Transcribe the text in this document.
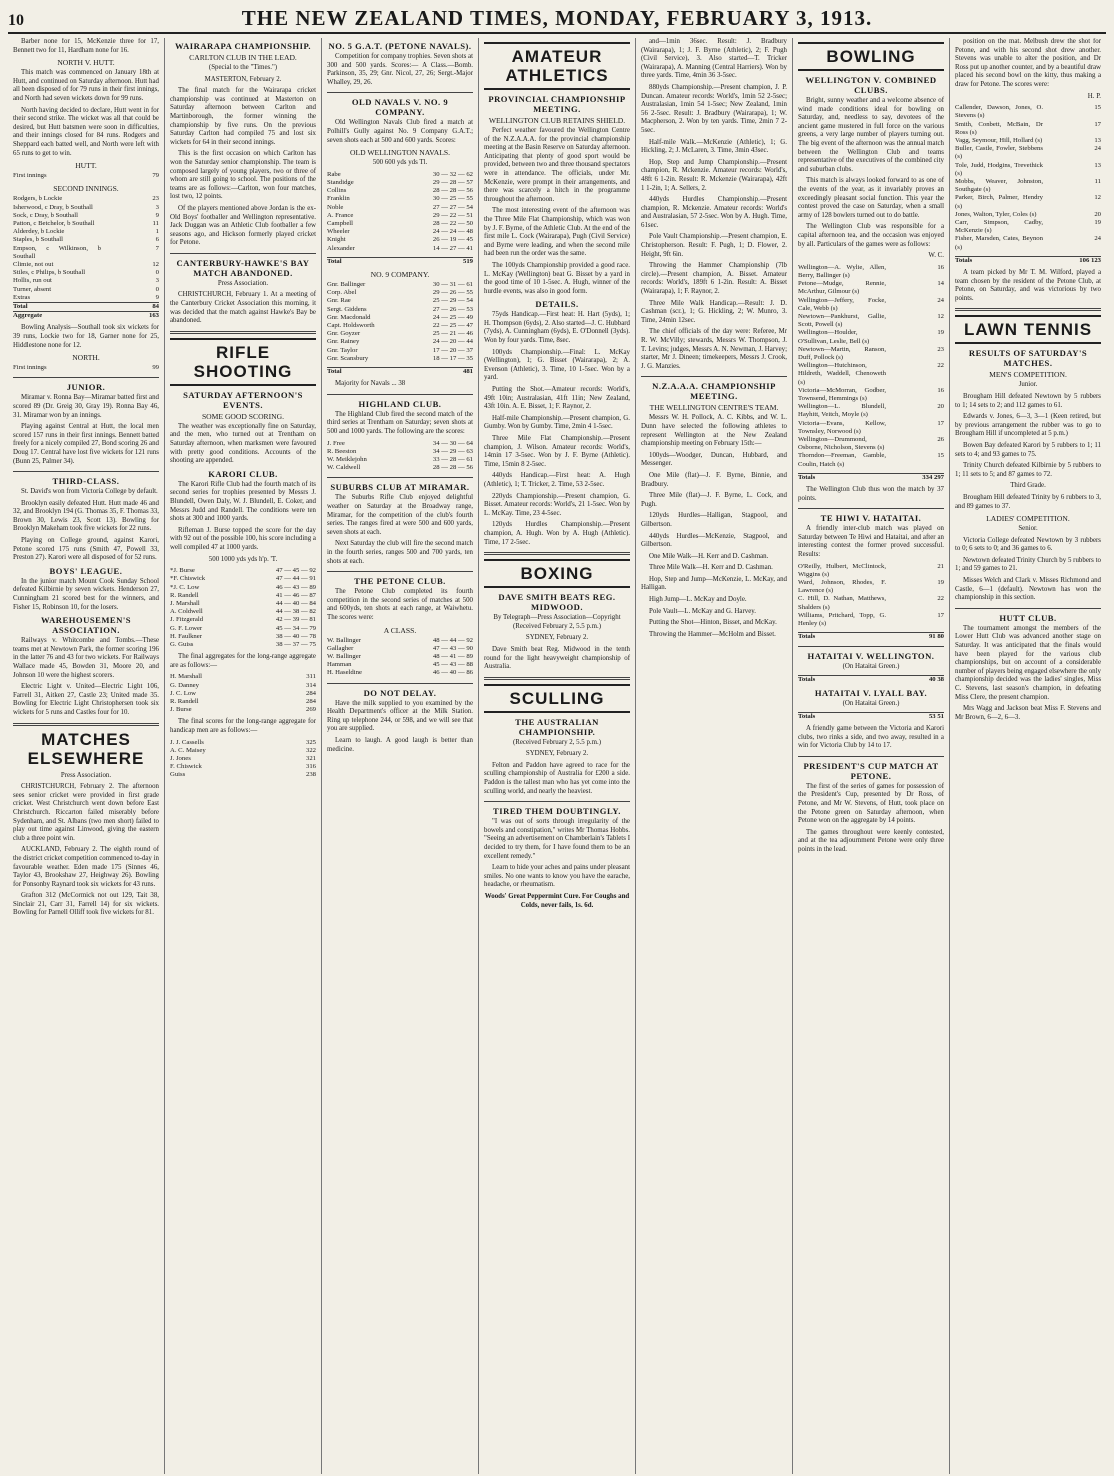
10	THE NEW ZEALAND TIMES, MONDAY, FEBRUARY 3, 1913.

Barber none for 15, McKenzie three for 17, Bennett two for 11, Hardham none for 16.

NORTH V. HUTT.

This match was commenced on January 18th at Hutt, and continued on Saturday afternoon. Hutt had all been disposed of for 79 runs in their first innings, and North had seven wickets down for 99 runs.

North having decided to declare, Hutt went in for their second strike. The wicket was all that could be desired, but Hutt batsmen were soon in difficulties, and their innings closed for 84 runs. Rodgers and Sheppard each batted well, and North were left with 65 runs to get to win.

HUTT.
First innings	79
SECOND INNINGS.
Rodgers, b Lockie	23
Isherwood, c Dray, b Southall	3
Sock, c Dray, b Southall	9
Patton, c Betchelor, b Southall	11
Alderdey, b Lockie	1
Staples, b Southall	6
Empson, c Wilkinson, b Southall	7
Climie, not out	12
Stiles, c Philips, b Southall	0
Hollis, run out	3
Turner, absent	0
Extras	9
Total	84
Aggregate	163

Bowling Analysis—Southall took six wickets for 39 runs, Lockie two for 18, Garner none for 25, Hiddlestone none for 12.

NORTH.
First innings	99
JUNIOR.

Miramar v. Ronna Bay—Miramar batted first and scored 89 (Dr. Greig 30, Gray 19). Ronna Bay 46, 31. Miramar won by an innings.

Playing against Central at Hutt, the local men scored 157 runs in their first innings. Bennett batted freely for a nicely compiled 27, Bond scoring 26 and Doug 17. Central have lost five wickets for 121 runs (Bunn 25, Palmer 34).

THIRD-CLASS.

St. David's won from Victoria College by default.

Brooklyn easily defeated Hutt. Hutt made 46 and 32, and Brooklyn 194 (G. Thomas 35, F. Thomas 33, Brown 30, Lewis 23, Scott 13). Bowling for Brooklyn Makeham took five wickets for 22 runs.

Playing on College ground, against Karori, Petone scored 175 runs (Smith 47, Powell 33, Preston 27). Karori were all disposed of for 52 runs.

BOYS' LEAGUE.

In the junior match Mount Cook Sunday School defeated Kilbirnie by seven wickets. Henderson 27, Cunningham 21 scored best for the winners, and Fisher 15, Robinson 10, for the losers.

WAREHOUSEMEN'S ASSOCIATION.

Railways v. Whitcombe and Tombs.—These teams met at Newtown Park, the former scoring 196 in the latter 76 and 43 for two wickets. For Railways Wallace made 45, Bowden 31, Moore 20, and Johnson 10 were the highest scorers.

Electric Light v. United—Electric Light 106, Farrell 31, Aitken 27, Castle 23; United made 35. Bowling for Electric Light Christophersen took six wickets for 5 runs and Castles four for 10.

MATCHES ELSEWHERE

Press Association.

CHRISTCHURCH, February 2. The afternoon sees senior cricket were provided in first grade cricket. West Christchurch went down before East Christchurch. Riccarton failed miserably before Sydenham, and St. Albans (two men short) failed to play out time against Linwood, giving the eastern club a three point win.

AUCKLAND, February 2. The eighth round of the district cricket competition commenced to-day in favourable weather. Eden made 175 (Sinnes 46, Taylor 43, Brookshaw 27, Heighway 26). Bowling for Ponsonby Raynard took six wickets for 43 runs.

Grafton 312 (McCormick not out 129, Tait 38, Sinclair 21, Carr 31, Farrell 14) for six wickets. Bowling for Parnell Olliff took five wickets for 81.

WAIRARAPA CHAMPIONSHIP.
CARLTON CLUB IN THE LEAD.

(Special to the "Times.")

MASTERTON, February 2.

The final match for the Wairarapa cricket championship was continued at Masterton on Saturday afternoon between Carlton and Martinborough, the former winning the championship by five runs. On the previous Saturday Carlton had compiled 75 and lost six wickets for 64 in their second innings.

This is the first occasion on which Carlton has won the Saturday senior championship. The team is composed largely of young players, two or three of whom are still going to school. The positions of the teams are as follows:—Carlton, won four matches, lost two, 12 points.

Of the players mentioned above Jordan is the ex-Old Boys' footballer and Wellington representative. Jack Duggan was an Athletic Club footballer a few seasons ago, and Hickson formerly played cricket for Petone.

CANTERBURY-HAWKE'S BAY MATCH ABANDONED.

Press Association.

CHRISTCHURCH, February 1. At a meeting of the Canterbury Cricket Association this morning, it was decided that the match against Hawke's Bay be abandoned.

RIFLE SHOOTING
SATURDAY AFTERNOON'S EVENTS.
SOME GOOD SCORING.

The weather was exceptionally fine on Saturday, and the men, who turned out at Trentham on Saturday afternoon, when marksmen were favoured with pretty good conditions. Accounts of the shooting are appended.

KARORI CLUB.

The Karori Rifle Club had the fourth match of its second series for trophies presented by Messrs J. Blundell, Owen Daly, W. J. Blundell, E. Coker, and Messrs Judd and Randell. The conditions were ten shots at 300 and 1000 yards.

Rifleman J. Burse topped the score for the day with 92 out of the possible 100, his score including a well compiled 47 at 1000 yards.

500 1000 yds yds h'p. 'T.

*J. Burse	47 — 45 — 92
*F. Chiswick	47 — 44 — 91
*J. C. Low	46 — 43 — 89
R. Randell	41 — 46 — 87
J. Marshall	44 — 40 — 84
A. Coldwell	44 — 38 — 82
J. Fitzgerald	42 — 39 — 81
G. F. Lower	45 — 34 — 79
H. Faulkner	38 — 40 — 78
G. Guiss	38 — 37 — 75

The final aggregates for the long-range aggregate are as follows:—

H. Marshall	311
G. Danney	314
J. C. Low	284
R. Randell	284
J. Burse	269

The final scores for the long-range aggregate for handicap men are as follows:—

J. J. Cassells	325
A. C. Maisey	322
J. Jones	321
F. Chiswick	316
Guiss	238
NO. 5 G.A.T. (PETONE NAVALS).

Competition for company trophies. Seven shots at 300 and 500 yards. Scores:— A Class.—Bomb. Parkinson, 35, 29; Gnr. Nicol, 27, 26; Sergt.-Major Whalley, 29, 26.

OLD NAVALS V. NO. 9 COMPANY.

Old Wellington Navals Club fired a match at Polhill's Gully against No. 9 Company G.A.T.; seven shots each at 500 and 600 yards. Scores:

OLD WELLINGTON NAVALS.

500 600 yds yds Tl.

Rabe	30 — 32 — 62
Standidge	29 — 28 — 57
Collins	28 — 28 — 56
Franklin	30 — 25 — 55
Noble	27 — 27 — 54
A. France	29 — 22 — 51
Campbell	28 — 22 — 50
Wheeler	24 — 24 — 48
Knight	26 — 19 — 45
Alexander	14 — 27 — 41
Total	519
NO. 9 COMPANY.
Gnr. Ballinger	30 — 31 — 61
Corp. Abel	29 — 26 — 55
Gnr. Rae	25 — 29 — 54
Sergt. Giddens	27 — 26 — 53
Gnr. Macdonald	24 — 25 — 49
Capt. Holdsworth	22 — 25 — 47
Gnr. Goyzer	25 — 21 — 46
Gnr. Rainey	24 — 20 — 44
Gnr. Taylor	17 — 20 — 37
Gnr. Scansbury	18 — 17 — 35
Total	481

Majority for Navals ... 38

HIGHLAND CLUB.

The Highland Club fired the second match of the third series at Trentham on Saturday; seven shots at 500 and 1000 yards. The following are the scores:

J. Free	34 — 30 — 64
R. Beeston	34 — 29 — 63
W. Meiklejohn	33 — 28 — 61
W. Caldwell	28 — 28 — 56
SUBURBS CLUB AT MIRAMAR.

The Suburbs Rifle Club enjoyed delightful weather on Saturday at the Broadway range, Miramar, for the competition of the club's fourth series. The ranges fired at were 500 and 600 yards, seven shots at each.

Next Saturday the club will fire the second match in the fourth series, ranges 500 and 700 yards, ten shots at each.

THE PETONE CLUB.

The Petone Club completed its fourth competition in the second series of matches at 500 and 600yds, ten shots at each range, at Waiwhetu. The scores were:

A CLASS.
W. Ballinger	48 — 44 — 92
Gallagher	47 — 43 — 90
W. Ballinger	48 — 41 — 89
Hamman	45 — 43 — 88
H. Haseldine	46 — 40 — 86
DO NOT DELAY.

Have the milk supplied to you examined by the Health Department's officer at the Milk Station. Ring up telephone 244, or 598, and we will see that you are supplied.

Learn to laugh. A good laugh is better than medicine.

AMATEUR ATHLETICS
PROVINCIAL CHAMPIONSHIP MEETING.
WELLINGTON CLUB RETAINS SHIELD.

Perfect weather favoured the Wellington Centre of the N.Z.A.A.A. for the provincial championship meeting at the Basin Reserve on Saturday afternoon. Anticipating that plenty of good sport would be provided, between two and three thousand spectators were in attendance. The officials, under Mr. McKenzie, were prompt in their arrangements, and there was scarcely a hitch in the programme throughout the afternoon.

The most interesting event of the afternoon was the Three Mile Flat Championship, which was won by J. F. Byrne, of the Athletic Club. At the end of the first mile L. Cock (Wairarapa), Pugh (Civil Service) and Byrne were leading, and when the second mile had been run the order was the same.

The 100yds Championship provided a good race. L. McKay (Wellington) beat G. Bisset by a yard in the good time of 10 1-5sec. A. Hugh, winner of the hurdle events, was also in good form.

DETAILS.

75yds Handicap.—First heat: H. Hart (5yds), 1; H. Thompson (6yds), 2. Also started—J. C. Hubbard (7yds), A. Cunningham (6yds), E. O'Donnell (3yds). Won by four yards. Time, 8sec.

100yds Championship.—Final: L. McKay (Wellington), 1; G. Bisset (Wairarapa), 2; A. Evenson (Athletic), 3. Time, 10 1-5sec. Won by a yard.

Putting the Shot.—Amateur records: World's, 49ft 10in; Australasian, 41ft 11in; New Zealand, 43ft 10in. A. E. Bisset, 1; F. Raynor, 2.

Half-mile Championship.—Present champion, G. Gumby. Won by Gumby. Time, 2min 4 1-5sec.

Three Mile Flat Championship.—Present champion, J. Wilson. Amateur records: World's, 14min 17 3-5sec. Won by J. F. Byrne (Athletic). Time, 15min 8 2-5sec.

440yds Handicap.—First heat: A. Hugh (Athletic), 1; T. Tricker, 2. Time, 53 2-5sec.

220yds Championship.—Present champion, G. Bisset. Amateur records: World's, 21 1-5sec. Won by L. McKay. Time, 23 4-5sec.

120yds Hurdles Championship.—Present champion, A. Hugh. Won by A. Hugh (Athletic). Time, 17 2-5sec.

BOXING
DAVE SMITH BEATS REG. MIDWOOD.

By Telegraph—Press Association—Copyright (Received February 2, 5.5 p.m.)

SYDNEY, February 2.

Dave Smith beat Reg. Midwood in the tenth round for the light heavyweight championship of Australia.

SCULLING
THE AUSTRALIAN CHAMPIONSHIP.

(Received February 2, 5.5 p.m.)

SYDNEY, February 2.

Felton and Paddon have agreed to race for the sculling championship of Australia for £200 a side. Paddon is the tallest man who has yet come into the sculling world, and nearly the heaviest.

TIRED THEM DOUBTINGLY.

"I was out of sorts through irregularity of the bowels and constipation," writes Mr Thomas Hobbs. "Seeing an advertisement on Chamberlain's Tablets I decided to try them, for I have found them to be an excellent remedy."

Learn to hide your aches and pains under pleasant smiles. No one wants to know you have the earache, headache, or rheumatism.

Woods' Great Peppermint Cure. For Coughs and Colds, never fails, 1s. 6d.

and—1min 36sec. Result: J. Bradbury (Wairarapa), 1; J. F. Byrne (Athletic), 2; F. Pugh (Civil Service), 3. Also started—T. Tricker (Wairarapa), A. Manning (Central Harriers). Won by three yards. Time, 4min 36 3-5sec.

880yds Championship.—Present champion, J. P. Duncan. Amateur records: World's, 1min 52 2-5sec; Australasian, 1min 54 1-5sec; New Zealand, 1min 56 2-5sec. Result: J. Bradbury (Wairarapa), 1; W. Macpherson, 2. Won by ten yards. Time, 2min 7 2-5sec.

Half-mile Walk.—McKenzie (Athletic), 1; G. Hickling, 2; J. McLaren, 3. Time, 3min 43sec.

Hop, Step and Jump Championship.—Present champion, R. Mckenzie. Amateur records: World's, 48ft 6 1-2in. Result: R. Mckenzie (Wairarapa), 42ft 1 1-2in, 1; A. Sellers, 2.

440yds Hurdles Championship.—Present champion, R. Mckenzie. Amateur records: World's and Australasian, 57 2-5sec. Won by A. Hugh. Time, 61sec.

Pole Vault Championship.—Present champion, E. Christopherson. Result: F. Pugh, 1; D. Flower, 2. Height, 9ft 6in.

Throwing the Hammer Championship (7lb circle).—Present champion, A. Bisset. Amateur records: World's, 189ft 6 1-2in. Result: A. Bisset (Wairarapa), 1; F. Raynor, 2.

Three Mile Walk Handicap.—Result: J. D. Cashman (scr.), 1; G. Hickling, 2; W. Munro, 3. Time, 24min 12sec.

The chief officials of the day were: Referee, Mr R. W. McVilly; stewards, Messrs W. Thompson, J. T. Levins; judges, Messrs A. N. Newman, J. Harvey; starter, Mr J. Dineen; timekeepers, Messrs J. Crook, J. G. Manzies.

N.Z.A.A.A. CHAMPIONSHIP MEETING.
THE WELLINGTON CENTRE'S TEAM.

Messrs W. H. Pollock, A. C. Kibbs, and W. L. Dunn have selected the following athletes to represent Wellington at the New Zealand championship meeting on February 15th:—

100yds—Woodger, Duncan, Hubbard, and Messenger.

One Mile (flat)—J. F. Byrne, Binnie, and Bradbury.

Three Mile (flat)—J. F. Byrne, L. Cock, and Pugh.

120yds Hurdles—Halligan, Stagpool, and Gilbertson.

440yds Hurdles—McKenzie, Stagpool, and Gilbertson.

One Mile Walk—H. Kerr and D. Cashman.

Three Mile Walk—H. Kerr and D. Cashman.

Hop, Step and Jump—McKenzie, L. McKay, and Halligan.

High Jump—L. McKay and Doyle.

Pole Vault—L. McKay and G. Harvey.

Putting the Shot—Hinton, Bisset, and McKay.

Throwing the Hammer—McHolm and Bisset.

BOWLING
WELLINGTON V. COMBINED CLUBS.

Bright, sunny weather and a welcome absence of wind made conditions ideal for bowling on Saturday, and, needless to say, devotees of the ancient game mustered in full force on the various greens, a very large number of players turning out. The big event of the afternoon was the annual match between the Wellington Club and teams representative of the executives of the combined city and suburban clubs.

This match is always looked forward to as one of the events of the year, as it invariably proves an exceedingly pleasant social function. This year the contest proved the case on Saturday, when a small army of 128 bowlers turned out to do battle.

The Wellington Club was responsible for a capital afternoon tea, and the occasion was enjoyed by all. Particulars of the games were as follows:

W. C.

Wellington—A. Wylie, Allen, Berry, Ballinger (s)	16
Petone—Mudge, Rennie, McArthur, Gilmour (s)	14
Wellington—Jeffery, Focke, Cale, Webb (s)	24
Newtown—Pankhurst, Gallie, Scott, Powell (s)	12
Wellington—Houlder, O'Sullivan, Leslie, Bell (s)	19
Newtown—Martin, Ranson, Duff, Pollock (s)	23
Wellington—Hutchinson, Hildreth, Waddell, Chenoweth (s)	22
Victoria—McMorran, Godber, Townsend, Hemmings (s)	16
Wellington—L. Blundell, Hayhitt, Veitch, Moyle (s)	20
Victoria—Evans, Kellow, Townsley, Norwood (s)	17
Wellington—Drummond, Osborne, Nicholson, Stevens (s)	26
Thorndon—Freeman, Gamble, Coulin, Hatch (s)	15
Totals	334 297

The Wellington Club thus won the match by 37 points.

TE HIWI V. HATAITAI.

A friendly inter-club match was played on Saturday between Te Hiwi and Hataitai, and after an interesting contest the former proved successful. Results:

O'Reilly, Hulbert, McClintock, Wiggins (s)	21
Ward, Johnson, Rhodes, F. Lawrence (s)	19
C. Hill, D. Nathan, Matthews, Shalders (s)	22
Williams, Pritchard, Topp, G. Henley (s)	17
Totals	91 80
HATAITAI V. WELLINGTON.

(On Hataitai Green.)

Totals	40 38
HATAITAI V. LYALL BAY.

(On Hataitai Green.)

Totals	53 51

A friendly game between the Victoria and Karori clubs, two rinks a side, and two away, resulted in a win for Victoria Club by 14 to 17.

PRESIDENT'S CUP MATCH AT PETONE.

The first of the series of games for possession of the President's Cup, presented by Dr Ross, of Petone, and Mr W. Stevens, of Hutt, took place on the Petone green on Saturday afternoon, when Petone won on the aggregate by 14 points.

The games throughout were keenly contested, and at the tea adjournment Petone were only three points in the lead.

position on the mat. Melbush drew the shot for Petone, and with his second shot drew another. Stevens was unable to alter the position, and Dr Ross put up another counter, and by a beautiful draw placed his second bowl on the kitty, thus making a draw for Petone. The scores were:

H. P.

Callender, Dawson, Jones, O. Stevens (s)	15
Smith, Conbett, McBain, Dr Ross (s)	17
Vagg, Seymour, Hill, Hollard (s)	13
Buller, Castle, Fowler, Stebbens (s)	24
Tole, Judd, Hodgins, Trevethick (s)	13
Mobbs, Weaver, Johnston, Southgate (s)	11
Parker, Birch, Palmer, Hendry (s)	12
Jones, Walton, Tyler, Coles (s)	20
Carr, Simpson, Cadby, McKenzie (s)	19
Fisher, Marsden, Cates, Beynon (s)	24
Totals	106 123

A team picked by Mr T. M. Wilford, played a team chosen by the resident of the Petone Club, at Petone, on Saturday, and was victorious by two points.

LAWN TENNIS
RESULTS OF SATURDAY'S MATCHES.
MEN'S COMPETITION.

Junior.

Brougham Hill defeated Newtown by 5 rubbers to 1; 14 sets to 2; and 112 games to 61.

Edwards v. Jones, 6—3, 3—1 (Keen retired, but by previous arrangement the rubber was to go to Brougham Hill if uncompleted at 5 p.m.)

Bowen Bay defeated Karori by 5 rubbers to 1; 11 sets to 4; and 93 games to 75.

Trinity Church defeated Kilbirnie by 5 rubbers to 1; 11 sets to 5; and 87 games to 72.

Third Grade.

Brougham Hill defeated Trinity by 6 rubbers to 3, and 89 games to 37.

LADIES' COMPETITION.

Senior.

Victoria College defeated Newtown by 3 rubbers to 0; 6 sets to 0; and 36 games to 6.

Newtown defeated Trinity Church by 5 rubbers to 1; and 59 games to 21.

Misses Welch and Clark v. Misses Richmond and Castle, 6—1 (default). Newtown has won the championship in this section.

HUTT CLUB.

The tournament amongst the members of the Lower Hutt Club was advanced another stage on Saturday. It was anticipated that the finals would have been played for the various club championships, but on account of a considerable number of players being engaged elsewhere the only championship decided was the ladies' singles, Miss C. Stevens, last season's champion, in defeating Miss Clere, the present champion.

Mrs Wagg and Jackson beat Miss F. Stevens and Mr Brown, 6—2, 6—3.
